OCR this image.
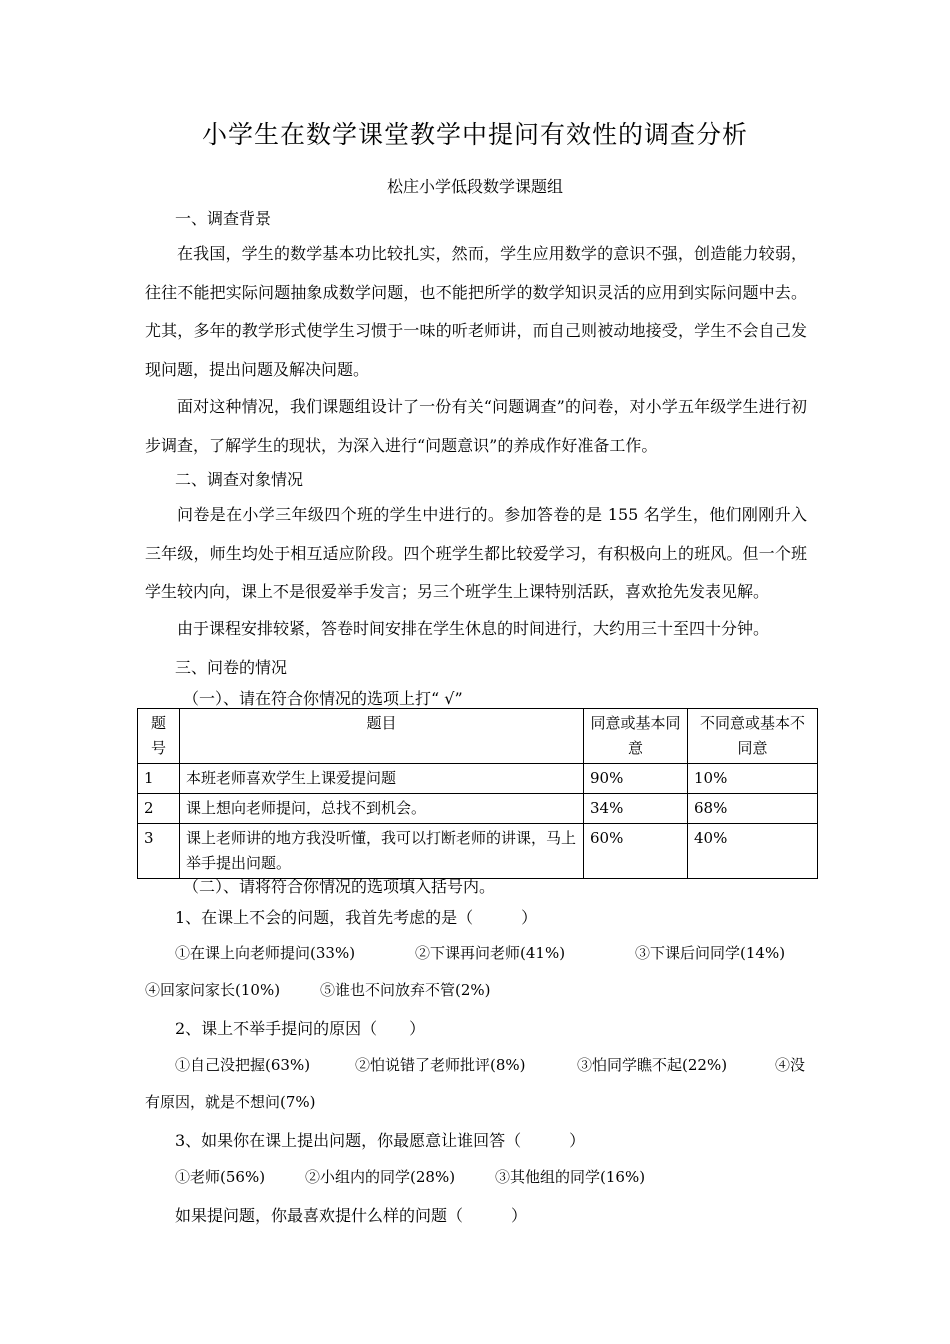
小学生在数学课堂教学中提问有效性的调查分析
松庄小学低段数学课题组
一、调查背景
在我国，学生的数学基本功比较扎实，然而，学生应用数学的意识不强，创造能力较弱，往往不能把实际问题抽象成数学问题，也不能把所学的数学知识灵活的应用到实际问题中去。尤其，多年的教学形式使学生习惯于一味的听老师讲，而自己则被动地接受，学生不会自己发现问题，提出问题及解决问题。
面对这种情况，我们课题组设计了一份有关“问题调查”的问卷，对小学五年级学生进行初步调查，了解学生的现状，为深入进行“问题意识”的养成作好准备工作。
二、调查对象情况
问卷是在小学三年级四个班的学生中进行的。参加答卷的是 155 名学生，他们刚刚升入三年级，师生均处于相互适应阶段。四个班学生都比较爱学习，有积极向上的班风。但一个班学生较内向，课上不是很爱举手发言；另三个班学生上课特别活跃，喜欢抢先发表见解。
由于课程安排较紧，答卷时间安排在学生休息的时间进行，大约用三十至四十分钟。
三、问卷的情况
（一）、请在符合你情况的选项上打“ √”
题号	题目	同意或基本同意	不同意或基本不同意
1	本班老师喜欢学生上课爱提问题	90%	10%
2	课上想向老师提问，总找不到机会。	34%	68%
3	课上老师讲的地方我没听懂，我可以打断老师的讲课，马上举手提出问题。	60%	40%
（二）、请将符合你情况的选项填入括号内。
1、在课上不会的问题，我首先考虑的是（　　　）
①在课上向老师提问(33%)	②下课再问老师(41%)	③下课后问同学(14%)
④回家问家长(10%)	⑤谁也不问放弃不管(2%)
2、课上不举手提问的原因（　　）
①自己没把握(63%)	②怕说错了老师批评(8%)	③怕同学瞧不起(22%)	④没
有原因，就是不想问(7%)
3、如果你在课上提出问题，你最愿意让谁回答（　　　）
①老师(56%)	②小组内的同学(28%)	③其他组的同学(16%)
如果提问题，你最喜欢提什么样的问题（　　　）
